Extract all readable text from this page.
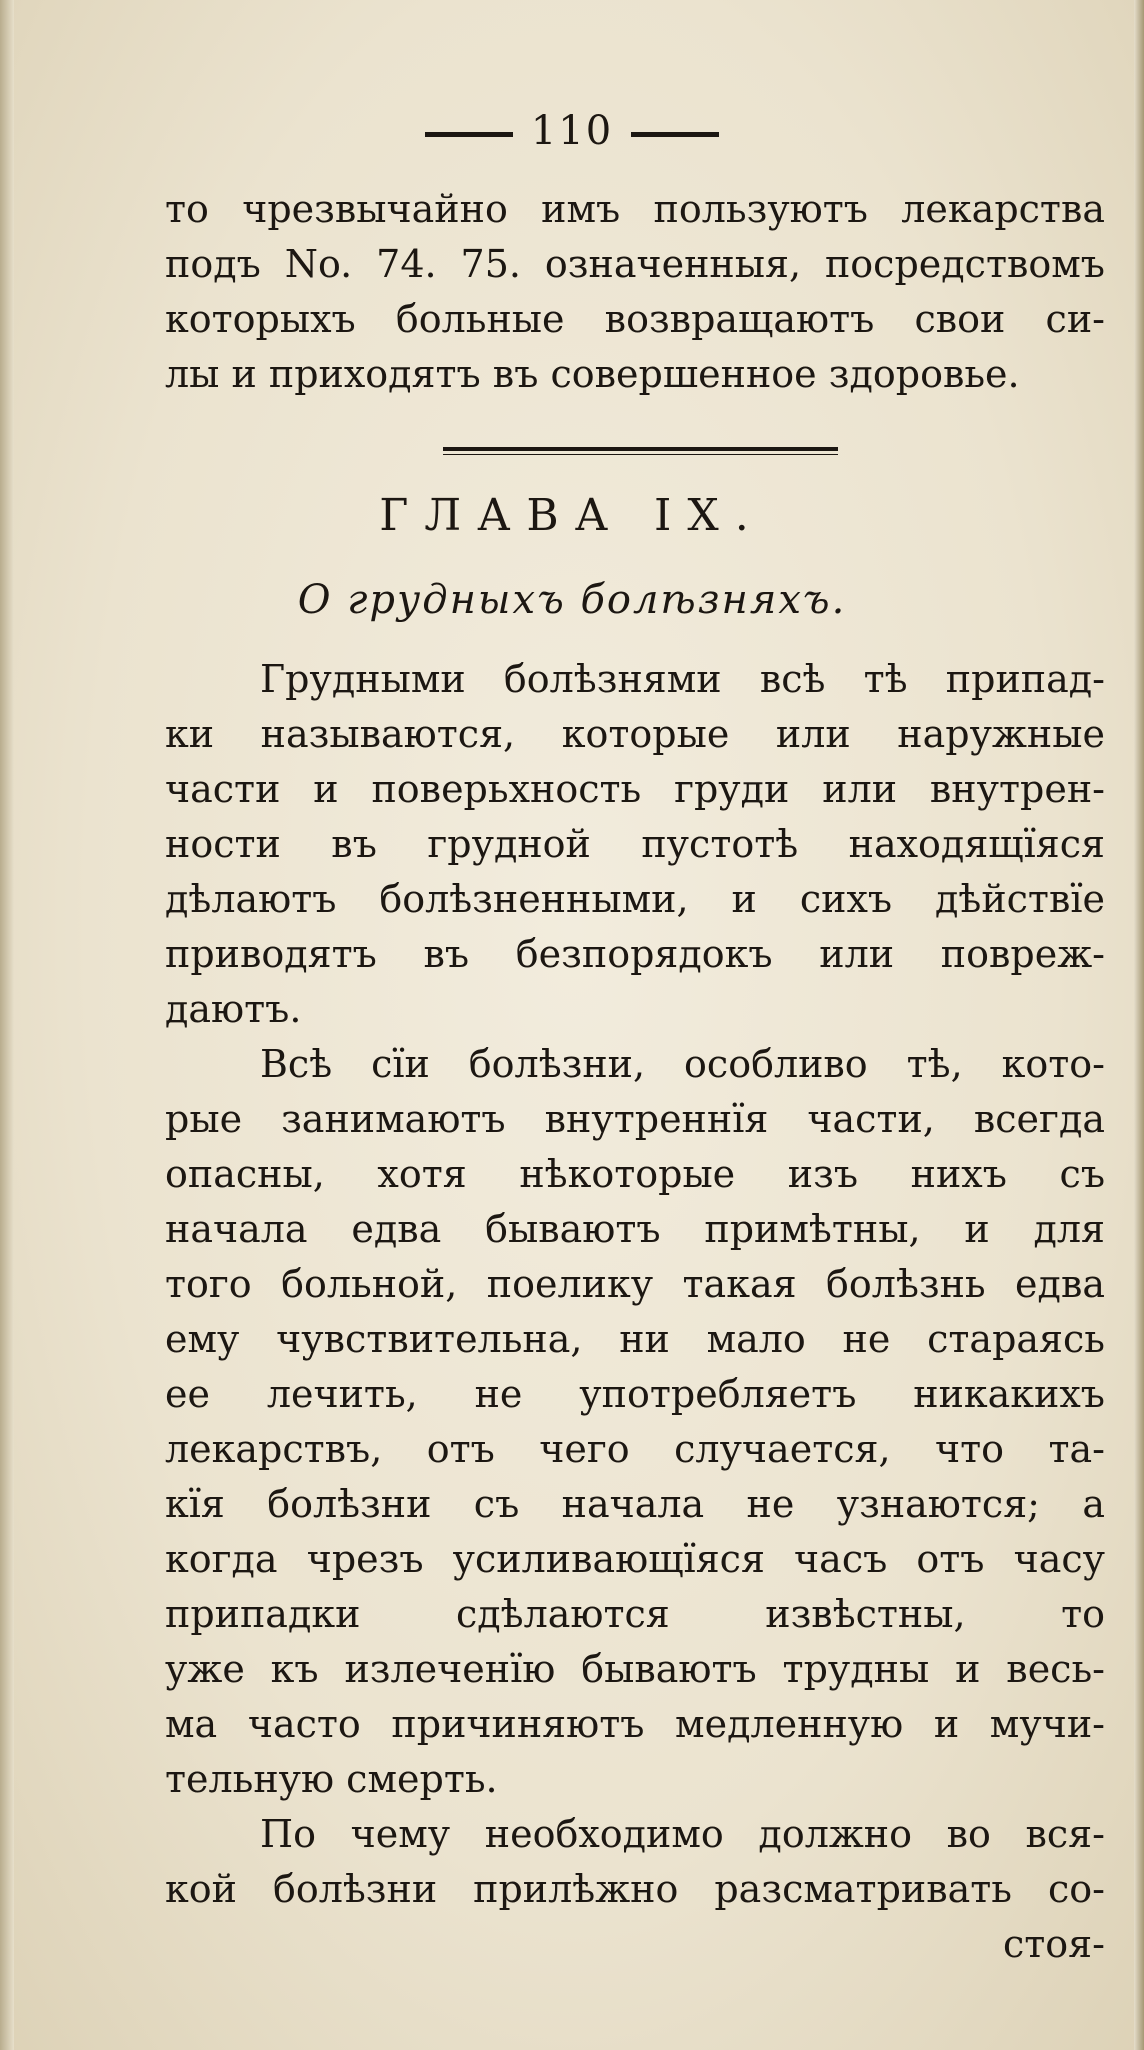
110
то чрезвычайно имъ пользуютъ лекарства
подъ No. 74. 75. означенныя, посредствомъ
которыхъ больные возвращаютъ свои си-
лы и приходятъ въ совершенное здоровье.
ГЛАВА IX.
О грудныхъ болѣзняхъ.
Грудными болѣзнями всѣ тѣ припад-
ки называются, которые или наружные
части и поверьхность груди или внутрен-
ности въ грудной пустотѣ находящїяся
дѣлаютъ болѣзненными, и сихъ дѣйствїе
приводятъ въ безпорядокъ или повреж-
даютъ.
Всѣ сїи болѣзни, особливо тѣ, кото-
рые занимаютъ внутреннїя части, всегда
опасны, хотя нѣкоторые изъ нихъ съ
начала едва бываютъ примѣтны, и для
того больной, поелику такая болѣзнь едва
ему чувствительна, ни мало не стараясь
ее лечить, не употребляетъ никакихъ
лекарствъ, отъ чего случается, что та-
кїя болѣзни съ начала не узнаются; а
когда чрезъ усиливающїяся часъ отъ часу
припадки сдѣлаются извѣстны, то
уже къ излеченїю бываютъ трудны и весь-
ма часто причиняютъ медленную и мучи-
тельную смерть.
По чему необходимо должно во вся-
кой болѣзни прилѣжно разсматривать со-
стоя-
